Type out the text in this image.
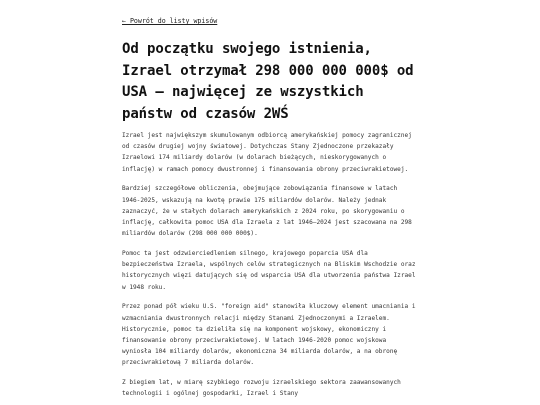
← Powrót do listy wpisów
Od początku swojego istnienia, Izrael otrzymał 298 000 000 000$ od USA – najwięcej ze wszystkich państw od czasów 2WŚ

Izrael jest największym skumulowanym odbiorcą amerykańskiej pomocy zagranicznej od czasów drugiej wojny światowej. Dotychczas Stany Zjednoczone przekazały Izraelowi 174 miliardy dolarów (w dolarach bieżących, nieskorygowanych o inflację) w ramach pomocy dwustronnej i finansowania obrony przeciwrakietowej.

Bardziej szczegółowe obliczenia, obejmujące zobowiązania finansowe w latach 1946-2025, wskazują na kwotę prawie 175 miliardów dolarów. Należy jednak zaznaczyć, że w stałych dolarach amerykańskich z 2024 roku, po skorygowaniu o inflację, całkowita pomoc USA dla Izraela z lat 1946–2024 jest szacowana na 298 miliardów dolarów (298 000 000 000$).

Pomoc ta jest odzwierciedleniem silnego, krajowego poparcia USA dla bezpieczeństwa Izraela, wspólnych celów strategicznych na Bliskim Wschodzie oraz historycznych więzi datujących się od wsparcia USA dla utworzenia państwa Izrael w 1948 roku.

Przez ponad pół wieku U.S. "foreign aid" stanowiła kluczowy element umacniania i wzmacniania dwustronnych relacji między Stanami Zjednoczonymi a Izraelem. Historycznie, pomoc ta dzieliła się na komponent wojskowy, ekonomiczny i finansowanie obrony przeciwrakietowej. W latach 1946-2020 pomoc wojskowa wyniosła 104 miliardy dolarów, ekonomiczna 34 miliarda dolarów, a na obronę przeciwrakietową 7 miliarda dolarów.

Z biegiem lat, w miarę szybkiego rozwoju izraelskiego sektora zaawansowanych technologii i ogólnej gospodarki, Izrael i Stany
